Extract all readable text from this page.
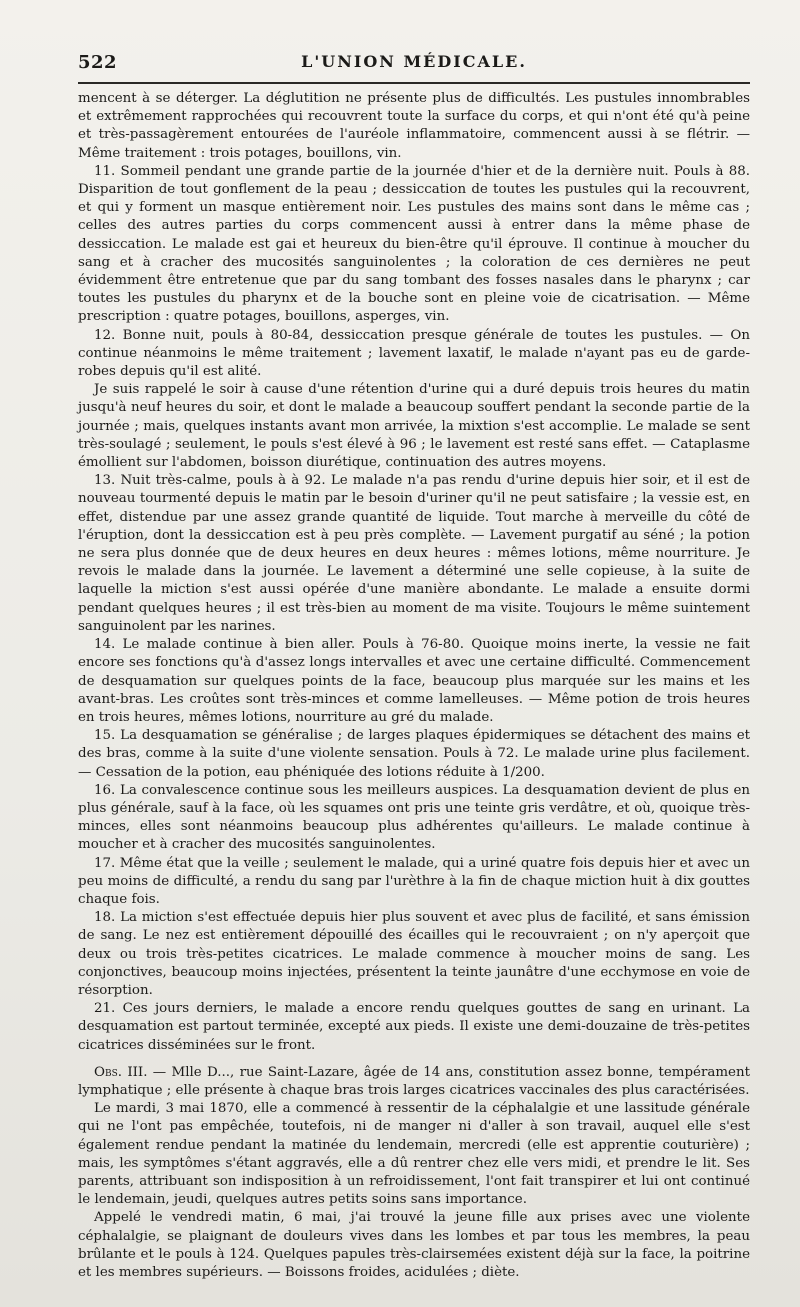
522	L'UNION MÉDICALE.

mencent à se déterger. La déglutition ne présente plus de difficultés. Les pustules innombrables et extrêmement rapprochées qui recouvrent toute la surface du corps, et qui n'ont été qu'à peine et très-passagèrement entourées de l'auréole inflammatoire, commencent aussi à se flétrir. — Même traitement : trois potages, bouillons, vin.

11. Sommeil pendant une grande partie de la journée d'hier et de la dernière nuit. Pouls à 88. Disparition de tout gonflement de la peau ; dessiccation de toutes les pustules qui la recouvrent, et qui y forment un masque entièrement noir. Les pustules des mains sont dans le même cas ; celles des autres parties du corps commencent aussi à entrer dans la même phase de dessiccation. Le malade est gai et heureux du bien-être qu'il éprouve. Il continue à moucher du sang et à cracher des mucosités sanguinolentes ; la coloration de ces dernières ne peut évidemment être entretenue que par du sang tombant des fosses nasales dans le pharynx ; car toutes les pustules du pharynx et de la bouche sont en pleine voie de cicatrisation. — Même prescription : quatre potages, bouillons, asperges, vin.

12. Bonne nuit, pouls à 80-84, dessiccation presque générale de toutes les pustules. — On continue néanmoins le même traitement ; lavement laxatif, le malade n'ayant pas eu de garde-robes depuis qu'il est alité.

Je suis rappelé le soir à cause d'une rétention d'urine qui a duré depuis trois heures du matin jusqu'à neuf heures du soir, et dont le malade a beaucoup souffert pendant la seconde partie de la journée ; mais, quelques instants avant mon arrivée, la mixtion s'est accomplie. Le malade se sent très-soulagé ; seulement, le pouls s'est élevé à 96 ; le lavement est resté sans effet. — Cataplasme émollient sur l'abdomen, boisson diurétique, continuation des autres moyens.

13. Nuit très-calme, pouls à à 92. Le malade n'a pas rendu d'urine depuis hier soir, et il est de nouveau tourmenté depuis le matin par le besoin d'uriner qu'il ne peut satisfaire ; la vessie est, en effet, distendue par une assez grande quantité de liquide. Tout marche à merveille du côté de l'éruption, dont la dessiccation est à peu près complète. — Lavement purgatif au séné ; la potion ne sera plus donnée que de deux heures en deux heures : mêmes lotions, même nourriture. Je revois le malade dans la journée. Le lavement a déterminé une selle copieuse, à la suite de laquelle la miction s'est aussi opérée d'une manière abondante. Le malade a ensuite dormi pendant quelques heures ; il est très-bien au moment de ma visite. Toujours le même suintement sanguinolent par les narines.

14. Le malade continue à bien aller. Pouls à 76-80. Quoique moins inerte, la vessie ne fait encore ses fonctions qu'à d'assez longs intervalles et avec une certaine difficulté. Commencement de desquamation sur quelques points de la face, beaucoup plus marquée sur les mains et les avant-bras. Les croûtes sont très-minces et comme lamelleuses. — Même potion de trois heures en trois heures, mêmes lotions, nourriture au gré du malade.

15. La desquamation se généralise ; de larges plaques épidermiques se détachent des mains et des bras, comme à la suite d'une violente sensation. Pouls à 72. Le malade urine plus facilement. — Cessation de la potion, eau phéniquée des lotions réduite à 1/200.

16. La convalescence continue sous les meilleurs auspices. La desquamation devient de plus en plus générale, sauf à la face, où les squames ont pris une teinte gris verdâtre, et où, quoique très-minces, elles sont néanmoins beaucoup plus adhérentes qu'ailleurs. Le malade continue à moucher et à cracher des mucosités sanguinolentes.

17. Même état que la veille ; seulement le malade, qui a uriné quatre fois depuis hier et avec un peu moins de difficulté, a rendu du sang par l'urèthre à la fin de chaque miction huit à dix gouttes chaque fois.

18. La miction s'est effectuée depuis hier plus souvent et avec plus de facilité, et sans émission de sang. Le nez est entièrement dépouillé des écailles qui le recouvraient ; on n'y aperçoit que deux ou trois très-petites cicatrices. Le malade commence à moucher moins de sang. Les conjonctives, beaucoup moins injectées, présentent la teinte jaunâtre d'une ecchymose en voie de résorption.

21. Ces jours derniers, le malade a encore rendu quelques gouttes de sang en urinant. La desquamation est partout terminée, excepté aux pieds. Il existe une demi-douzaine de très-petites cicatrices disséminées sur le front.

Obs. III. — Mlle D..., rue Saint-Lazare, âgée de 14 ans, constitution assez bonne, tempérament lymphatique ; elle présente à chaque bras trois larges cicatrices vaccinales des plus caractérisées.

Le mardi, 3 mai 1870, elle a commencé à ressentir de la céphalalgie et une lassitude générale qui ne l'ont pas empêchée, toutefois, ni de manger ni d'aller à son travail, auquel elle s'est également rendue pendant la matinée du lendemain, mercredi (elle est apprentie couturière) ; mais, les symptômes s'étant aggravés, elle a dû rentrer chez elle vers midi, et prendre le lit. Ses parents, attribuant son indisposition à un refroidissement, l'ont fait transpirer et lui ont continué le lendemain, jeudi, quelques autres petits soins sans importance.

Appelé le vendredi matin, 6 mai, j'ai trouvé la jeune fille aux prises avec une violente céphalalgie, se plaignant de douleurs vives dans les lombes et par tous les membres, la peau brûlante et le pouls à 124. Quelques papules très-clairsemées existent déjà sur la face, la poitrine et les membres supérieurs. — Boissons froides, acidulées ; diète.
